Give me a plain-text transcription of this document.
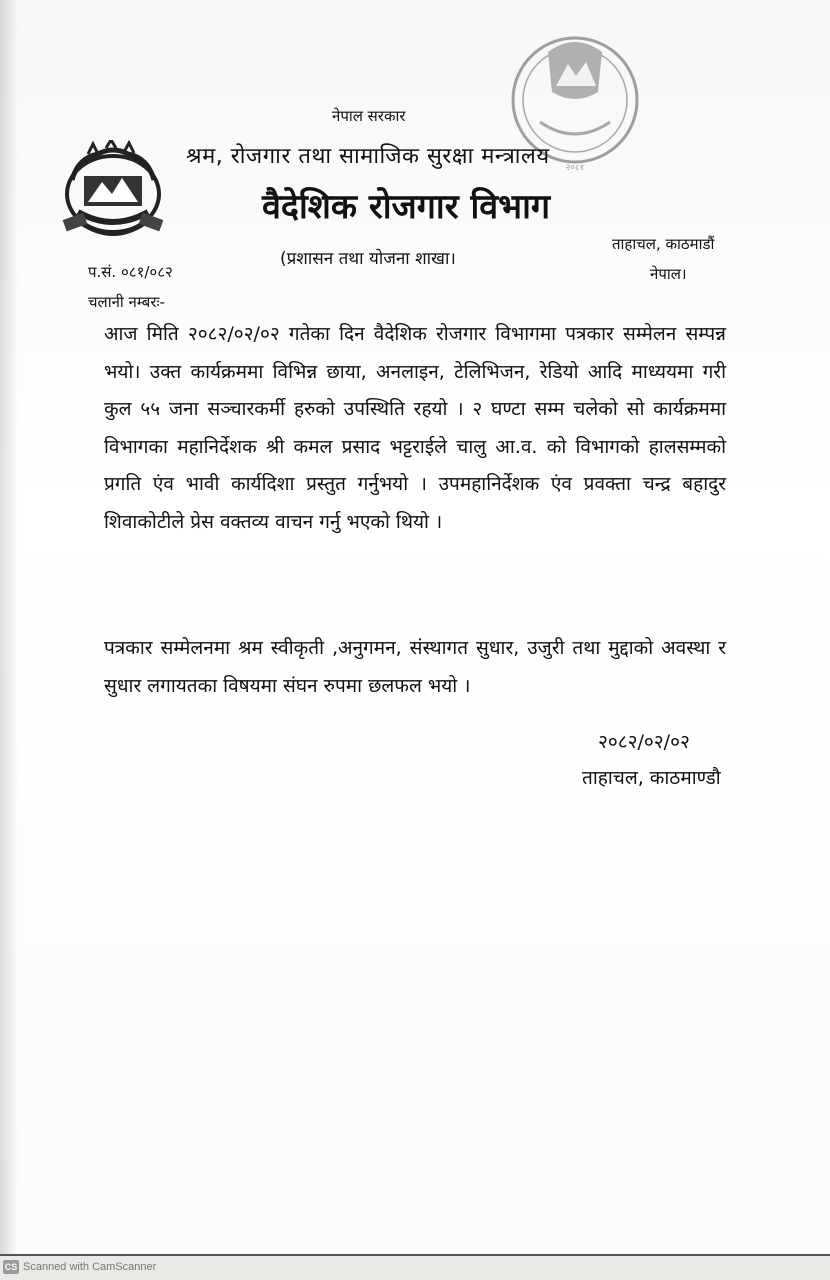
२०८१
नेपाल सरकार
श्रम, रोजगार तथा सामाजिक सुरक्षा मन्त्रालय
वैदेशिक रोजगार विभाग
(प्रशासन तथा योजना शाखा।
ताहाचल, काठमाडौं
नेपाल।
प.सं. ०८१/०८२
चलानी नम्बरः-
आज मिति २०८२/०२/०२ गतेका दिन वैदेशिक रोजगार विभागमा पत्रकार सम्मेलन सम्पन्न भयो। उक्त कार्यक्रममा विभिन्न छाया, अनलाइन, टेलिभिजन, रेडियो आदि माध्ययमा गरी कुल ५५ जना सञ्चारकर्मी हरुको उपस्थिति रहयो । २ घण्टा सम्म चलेको सो कार्यक्रममा विभागका महानिर्देशक श्री कमल प्रसाद भट्टराईले चालु आ.व. को विभागको हालसम्मको प्रगति एंव भावी कार्यदिशा प्रस्तुत गर्नुभयो । उपमहानिर्देशक एंव प्रवक्ता चन्द्र बहादुर शिवाकोटीले प्रेस वक्तव्य वाचन गर्नु भएको थियो ।
पत्रकार सम्मेलनमा श्रम स्वीकृती ,अनुगमन, संस्थागत सुधार, उजुरी तथा मुद्दाको अवस्था र सुधार लगायतका विषयमा संघन रुपमा छलफल भयो ।
२०८२/०२/०२
ताहाचल, काठमाण्डौ
CS Scanned with CamScanner
